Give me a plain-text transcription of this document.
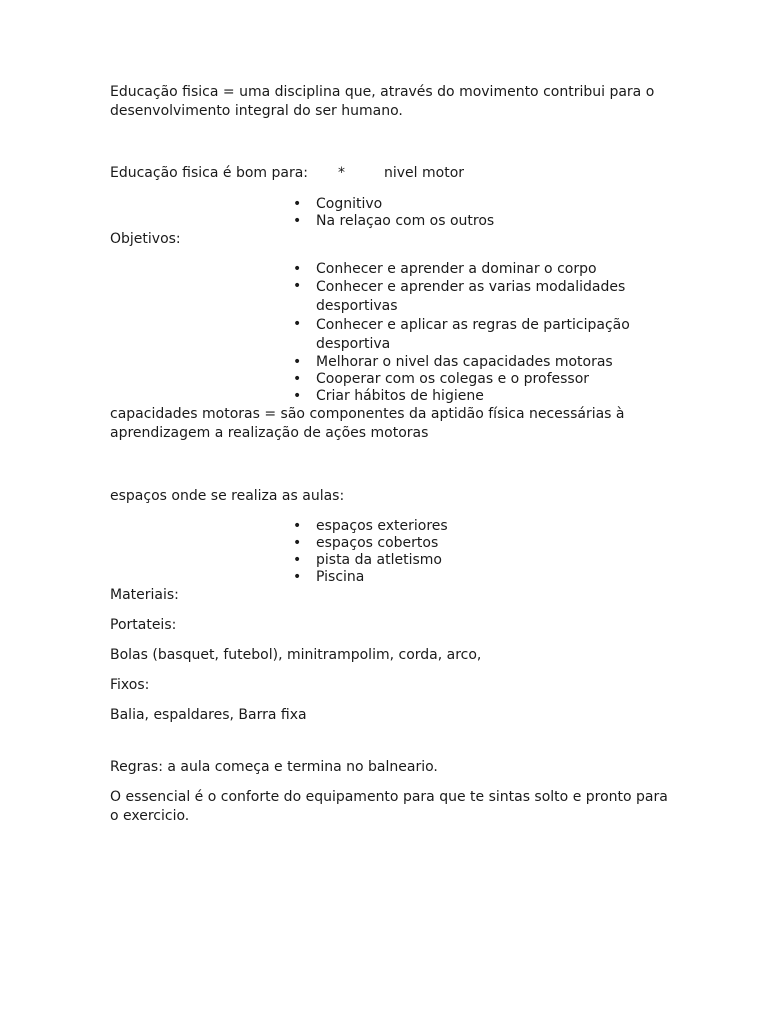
Educação fisica = uma disciplina que, através do movimento contribui para o desenvolvimento integral do ser humano.

Educação fisica é bom para: *	nivel motor
• Cognitivo
• Na relaçao com os outros

Objetivos:

• Conhecer e aprender a dominar o corpo
• Conhecer e aprender as varias modalidades desportivas
• Conhecer e aplicar as regras de participação desportiva
• Melhorar o nivel das capacidades motoras
• Cooperar com os colegas e o professor
• Criar hábitos de higiene

capacidades motoras = são componentes da aptidão física necessárias à aprendizagem a realização de ações motoras

espaços onde se realiza as aulas:

• espaços exteriores
• espaços cobertos
• pista da atletismo
• Piscina

Materiais:

Portateis:

Bolas (basquet, futebol), minitrampolim, corda, arco,

Fixos:

Balia, espaldares, Barra fixa

Regras: a aula começa e termina no balneario.

O essencial é o conforte do equipamento para que te sintas solto e pronto para o exercicio.
